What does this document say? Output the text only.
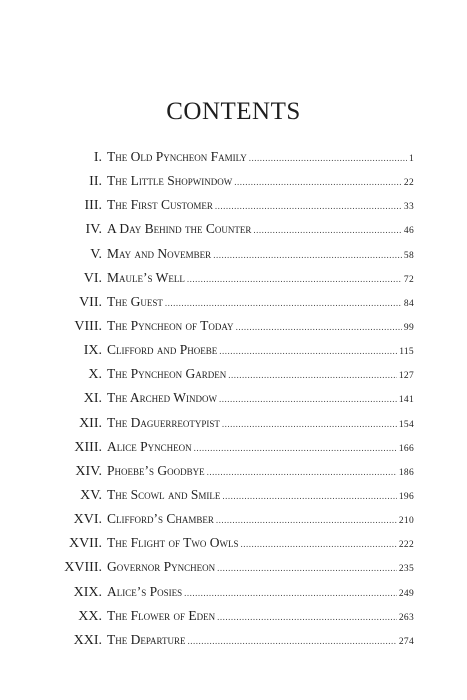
CONTENTS
I. The Old Pyncheon Family .....	1
II. The Little Shopwindow .....	22
III. The First Customer .....	33
IV. A Day Behind the Counter .....	46
V. May and November .....	58
VI. Maule’s Well .....	72
VII. The Guest .....	84
VIII. The Pyncheon of Today .....	99
IX. Clifford and Phoebe .....	115
X. The Pyncheon Garden .....	127
XI. The Arched Window .....	141
XII. The Daguerreotypist .....	154
XIII. Alice Pyncheon .....	166
XIV. Phoebe’s Goodbye .....	186
XV. The Scowl and Smile .....	196
XVI. Clifford’s Chamber .....	210
XVII. The Flight of Two Owls .....	222
XVIII. Governor Pyncheon .....	235
XIX. Alice’s Posies .....	249
XX. The Flower of Eden .....	263
XXI. The Departure .....	274
